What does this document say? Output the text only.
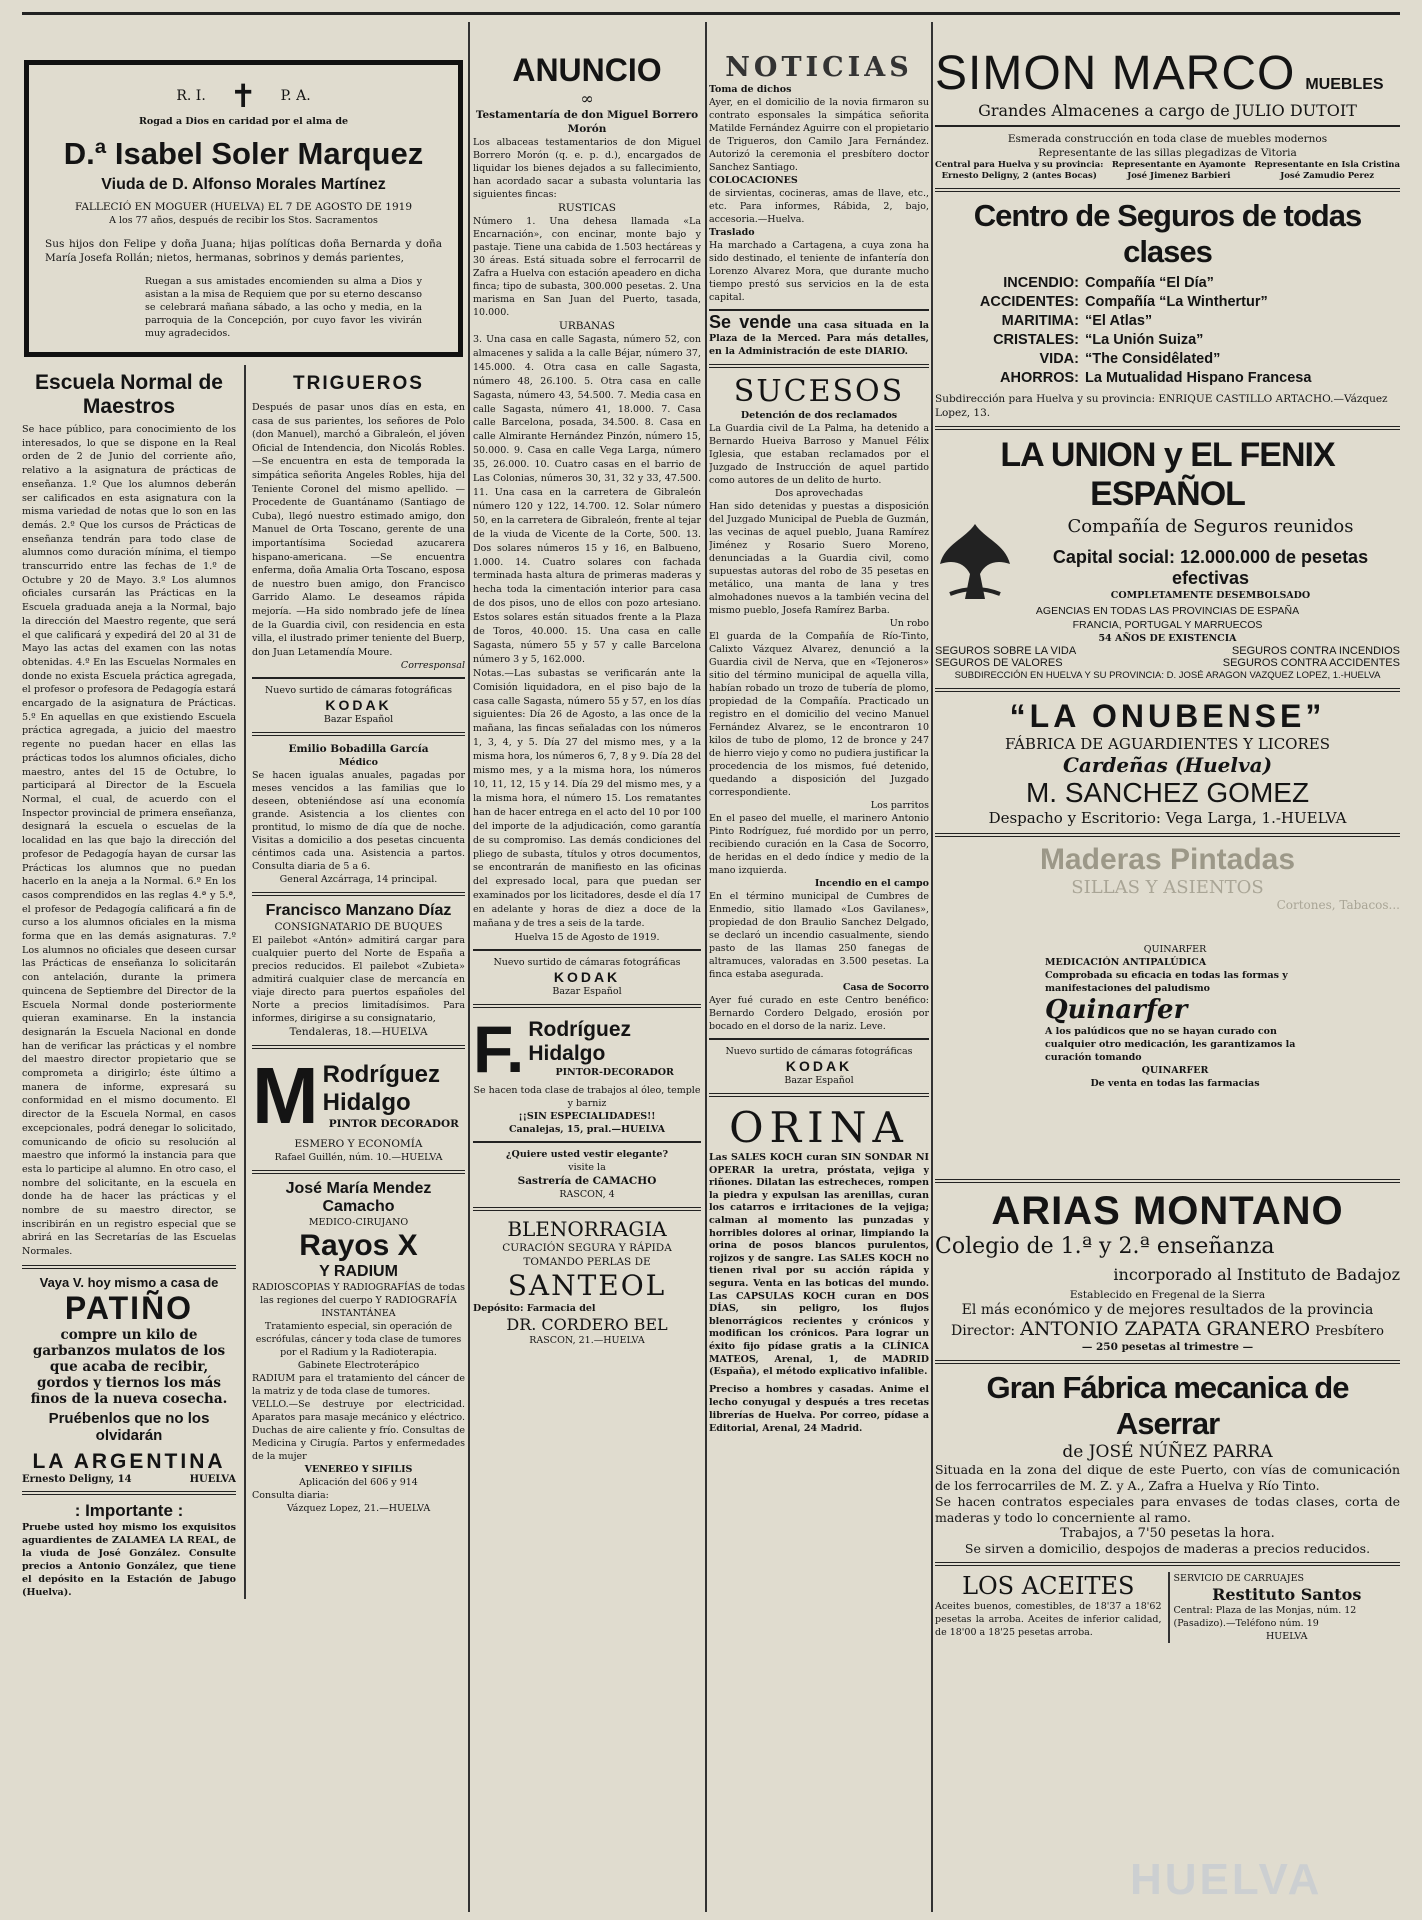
R. I. ✝ P. A.
Rogad a Dios en caridad por el alma de
D.ª Isabel Soler Marquez
Viuda de D. Alfonso Morales Martínez
FALLECIÓ EN MOGUER (HUELVA) EL 7 DE AGOSTO DE 1919
A los 77 años, después de recibir los Stos. Sacramentos
Sus hijos don Felipe y doña Juana; hijas políticas doña Bernarda y doña María Josefa Rollán; nietos, hermanas, sobrinos y demás parientes,
Ruegan a sus amistades encomienden su alma a Dios y asistan a la misa de Requiem que por su eterno descanso se celebrará mañana sábado, a las ocho y media, en la parroquia de la Concepción, por cuyo favor les vivirán muy agradecidos.
Escuela Normal de Maestros
Se hace público, para conocimiento de los interesados, lo que se dispone en la Real orden de 2 de Junio del corriente año, relativo a la asignatura de prácticas de enseñanza. 1.º Que los alumnos deberán ser calificados en esta asignatura con la misma variedad de notas que lo son en las demás. 2.º Que los cursos de Prácticas de enseñanza tendrán para todo clase de alumnos como duración mínima, el tiempo transcurrido entre las fechas de 1.º de Octubre y 20 de Mayo. 3.º Los alumnos oficiales cursarán las Prácticas en la Escuela graduada aneja a la Normal, bajo la dirección del Maestro regente, que será el que calificará y expedirá del 20 al 31 de Mayo las actas del examen con las notas obtenidas. 4.º En las Escuelas Normales en donde no exista Escuela práctica agregada, el profesor o profesora de Pedagogía estará encargado de la asignatura de Prácticas. 5.º En aquellas en que existiendo Escuela práctica agregada, a juicio del maestro regente no puedan hacer en ellas las prácticas todos los alumnos oficiales, dicho maestro, antes del 15 de Octubre, lo participará al Director de la Escuela Normal, el cual, de acuerdo con el Inspector provincial de primera enseñanza, designará la escuela o escuelas de la localidad en las que bajo la dirección del profesor de Pedagogía hayan de cursar las Prácticas los alumnos que no puedan hacerlo en la aneja a la Normal. 6.º En los casos comprendidos en las reglas 4.ª y 5.ª, el profesor de Pedagogía calificará a fin de curso a los alumnos oficiales en la misma forma que en las demás asignaturas. 7.º Los alumnos no oficiales que deseen cursar las Prácticas de enseñanza lo solicitarán con antelación, durante la primera quincena de Septiembre del Director de la Escuela Normal donde posteriormente quieran examinarse. En la instancia designarán la Escuela Nacional en donde han de verificar las prácticas y el nombre del maestro director propietario que se comprometa a dirigirlo; éste último a manera de informe, expresará su conformidad en el mismo documento. El director de la Escuela Normal, en casos excepcionales, podrá denegar lo solicitado, comunicando de oficio su resolución al maestro que informó la instancia para que esta lo participe al alumno. En otro caso, el nombre del solicitante, en la escuela en donde ha de hacer las prácticas y el nombre de su maestro director, se inscribirán en un registro especial que se abrirá en las Secretarías de las Escuelas Normales.
Vaya V. hoy mismo a casa de
PATIÑO
compre un kilo de garbanzos mulatos de los que acaba de recibir, gordos y tiernos los más finos de la nueva cosecha.
Pruébenlos que no los olvidarán
LA ARGENTINA
Ernesto Deligny, 14	HUELVA
: Importante :
Pruebe usted hoy mismo los exquisitos aguardientes de ZALAMEA LA REAL, de la viuda de José González. Consulte precios a Antonio González, que tiene el depósito en la Estación de Jabugo (Huelva).
TRIGUEROS
Después de pasar unos días en esta, en casa de sus parientes, los señores de Polo (don Manuel), marchó a Gibraleón, el jóven Oficial de Intendencia, don Nicolás Robles. —Se encuentra en esta de temporada la simpática señorita Angeles Robles, hija del Teniente Coronel del mismo apellido. —Procedente de Guantánamo (Santiago de Cuba), llegó nuestro estimado amigo, don Manuel de Orta Toscano, gerente de una importantísima Sociedad azucarera hispano-americana. —Se encuentra enferma, doña Amalia Orta Toscano, esposa de nuestro buen amigo, don Francisco Garrido Alamo. Le deseamos rápida mejoría. —Ha sido nombrado jefe de línea de la Guardia civil, con residencia en esta villa, el ilustrado primer teniente del Buerp, don Juan Letamendía Moure.
Corresponsal
Nuevo surtido de cámaras fotográficas
KODAK
Bazar Español
Emilio Bobadilla García
Médico
Se hacen igualas anuales, pagadas por meses vencidos a las familias que lo deseen, obteniéndose así una economía grande. Asistencia a los clientes con prontitud, lo mismo de día que de noche. Visitas a domicilio a dos pesetas cincuenta céntimos cada una. Asistencia a partos. Consulta diaria de 5 a 6.
General Azcárraga, 14 principal.
Francisco Manzano Díaz
CONSIGNATARIO DE BUQUES
El pailebot «Antón» admitirá cargar para cualquier puerto del Norte de España a precios reducidos. El pailebot «Zubieta» admitirá cualquier clase de mercancía en viaje directo para puertos españoles del Norte a precios limitadísimos. Para informes, dirigirse a su consignatario,
Tendaleras, 18.—HUELVA
M Rodríguez Hidalgo
PINTOR DECORADOR
ESMERO Y ECONOMÍA
Rafael Guillén, núm. 10.—HUELVA
José María Mendez Camacho
MEDICO-CIRUJANO
Rayos X
Y RADIUM
RADIOSCOPIAS Y RADIOGRAFÍAS de todas las regiones del cuerpo Y RADIOGRAFÍA INSTANTÁNEA
Tratamiento especial, sin operación de escrófulas, cáncer y toda clase de tumores por el Radium y la Radioterapia.
Gabinete Electroterápico
RADIUM para el tratamiento del cáncer de la matriz y de toda clase de tumores.
VELLO.—Se destruye por electricidad. Aparatos para masaje mecánico y eléctrico. Duchas de aire caliente y frío. Consultas de Medicina y Cirugía. Partos y enfermedades de la mujer
VENEREO Y SIFILIS
Aplicación del 606 y 914
Consulta diaria:
Vázquez Lopez, 21.—HUELVA
ANUNCIO
∞
Testamentaría de don Miguel Borrero Morón
Los albaceas testamentarios de don Miguel Borrero Morón (q. e. p. d.), encargados de liquidar los bienes dejados a su fallecimiento, han acordado sacar a subasta voluntaria las siguientes fincas:
RUSTICAS
Número 1. Una dehesa llamada «La Encarnación», con encinar, monte bajo y pastaje. Tiene una cabida de 1.503 hectáreas y 30 áreas. Está situada sobre el ferrocarril de Zafra a Huelva con estación apeadero en dicha finca; tipo de subasta, 300.000 pesetas. 2. Una marisma en San Juan del Puerto, tasada, 10.000.
URBANAS
3. Una casa en calle Sagasta, número 52, con almacenes y salida a la calle Béjar, número 37, 145.000. 4. Otra casa en calle Sagasta, número 48, 26.100. 5. Otra casa en calle Sagasta, número 43, 54.500. 7. Media casa en calle Sagasta, número 41, 18.000. 7. Casa calle Barcelona, posada, 34.500. 8. Casa en calle Almirante Hernández Pinzón, número 15, 50.000. 9. Casa en calle Vega Larga, número 35, 26.000. 10. Cuatro casas en el barrio de Las Colonias, números 30, 31, 32 y 33, 47.500. 11. Una casa en la carretera de Gibraleón número 120 y 122, 14.700. 12. Solar número 50, en la carretera de Gibraleón, frente al tejar de la viuda de Vicente de la Corte, 500. 13. Dos solares números 15 y 16, en Balbueno, 1.000. 14. Cuatro solares con fachada terminada hasta altura de primeras maderas y hecha toda la cimentación interior para casa de dos pisos, uno de ellos con pozo artesiano. Estos solares están situados frente a la Plaza de Toros, 40.000. 15. Una casa en calle Sagasta, número 55 y 57 y calle Barcelona número 3 y 5, 162.000.
Notas.—Las subastas se verificarán ante la Comisión liquidadora, en el piso bajo de la casa calle Sagasta, número 55 y 57, en los días siguientes: Día 26 de Agosto, a las once de la mañana, las fincas señaladas con los números 1, 3, 4, y 5. Día 27 del mismo mes, y a la misma hora, los números 6, 7, 8 y 9. Día 28 del mismo mes, y a la misma hora, los números 10, 11, 12, 15 y 14. Día 29 del mismo mes, y a la misma hora, el número 15. Los rematantes han de hacer entrega en el acto del 10 por 100 del importe de la adjudicación, como garantía de su compromiso. Las demás condiciones del pliego de subasta, títulos y otros documentos, se encontrarán de manifiesto en las oficinas del expresado local, para que puedan ser examinados por los licitadores, desde el día 17 en adelante y horas de diez a doce de la mañana y de tres a seis de la tarde.
Huelva 15 de Agosto de 1919.
Nuevo surtido de cámaras fotográficas
KODAK
Bazar Español
F. Rodríguez Hidalgo
PINTOR-DECORADOR
Se hacen toda clase de trabajos al óleo, temple y barniz
¡¡SIN ESPECIALIDADES!!
Canalejas, 15, pral.—HUELVA
¿Quiere usted vestir elegante?
visite la
Sastrería de CAMACHO
RASCON, 4
BLENORRAGIA
CURACIÓN SEGURA Y RÁPIDA
TOMANDO PERLAS DE
SANTEOL
Depósito: Farmacia del
DR. CORDERO BEL
RASCON, 21.—HUELVA
NOTICIAS
Toma de dichos
Ayer, en el domicilio de la novia firmaron su contrato esponsales la simpática señorita Matilde Fernández Aguirre con el propietario de Trigueros, don Camilo Jara Fernández. Autorizó la ceremonia el presbítero doctor Sanchez Santiago.
COLOCACIONES
de sirvientas, cocineras, amas de llave, etc., etc. Para informes, Rábida, 2, bajo, accesoria.—Huelva.
Traslado
Ha marchado a Cartagena, a cuya zona ha sido destinado, el teniente de infantería don Lorenzo Alvarez Mora, que durante mucho tiempo prestó sus servicios en la de esta capital.
Se vende una casa situada en la Plaza de la Merced. Para más detalles, en la Administración de este DIARIO.
SUCESOS
Detención de dos reclamados
La Guardia civil de La Palma, ha detenido a Bernardo Hueiva Barroso y Manuel Félix Iglesia, que estaban reclamados por el Juzgado de Instrucción de aquel partido como autores de un delito de hurto.
Dos aprovechadas
Han sido detenidas y puestas a disposición del Juzgado Municipal de Puebla de Guzmán, las vecinas de aquel pueblo, Juana Ramírez Jiménez y Rosario Suero Moreno, denunciadas a la Guardia civil, como supuestas autoras del robo de 35 pesetas en metálico, una manta de lana y tres almohadones nuevos a la también vecina del mismo pueblo, Josefa Ramírez Barba.
Un robo
El guarda de la Compañía de Río-Tinto, Calixto Vázquez Alvarez, denunció a la Guardia civil de Nerva, que en «Tejoneros» sitio del término municipal de aquella villa, habían robado un trozo de tubería de plomo, propiedad de la Compañía. Practicado un registro en el domicilio del vecino Manuel Fernández Alvarez, se le encontraron 10 kilos de tubo de plomo, 12 de bronce y 247 de hierro viejo y como no pudiera justificar la procedencia de los mismos, fué detenido, quedando a disposición del Juzgado correspondiente.
Los parritos
En el paseo del muelle, el marinero Antonio Pinto Rodríguez, fué mordido por un perro, recibiendo curación en la Casa de Socorro, de heridas en el dedo índice y medio de la mano izquierda.
Incendio en el campo
En el término municipal de Cumbres de Enmedio, sitio llamado «Los Gavilanes», propiedad de don Braulio Sanchez Delgado, se declaró un incendio casualmente, siendo pasto de las llamas 250 fanegas de altramuces, valoradas en 3.500 pesetas. La finca estaba asegurada.
Casa de Socorro
Ayer fué curado en este Centro benéfico: Bernardo Cordero Delgado, erosión por bocado en el dorso de la nariz. Leve.
Nuevo surtido de cámaras fotográficas
KODAK
Bazar Español
ORINA
Las SALES KOCH curan SIN SONDAR NI OPERAR la uretra, próstata, vejiga y riñones. Dilatan las estrecheces, rompen la piedra y expulsan las arenillas, curan los catarros e irritaciones de la vejiga; calman al momento las punzadas y horribles dolores al orinar, limpiando la orina de posos blancos purulentos, rojizos y de sangre. Las SALES KOCH no tienen rival por su acción rápida y segura. Venta en las boticas del mundo. Las CAPSULAS KOCH curan en DOS DÍAS, sin peligro, los flujos blenorrágicos recientes y crónicos y modifican los crónicos. Para lograr un éxito fijo pídase gratis a la CLÍNICA MATEOS, Arenal, 1, de MADRID (España), el método explicativo infalible.
Preciso a hombres y casadas. Anime el lecho conyugal y después a tres recetas librerías de Huelva. Por correo, pídase a Editorial, Arenal, 24 Madrid.
SIMON MARCO MUEBLES
Grandes Almacenes a cargo de JULIO DUTOIT
Esmerada construcción en toda clase de muebles modernos
Representante de las sillas plegadizas de Vitoria
Central para Huelva y su provincia:
Ernesto Deligny, 2 (antes Bocas)
Representante en Ayamonte
José Jimenez Barbieri
Representante en Isla Cristina
José Zamudio Perez
Centro de Seguros de todas clases
INCENDIO: Compañía “El Día”
ACCIDENTES: Compañía “La Winthertur”
MARITIMA: “El Atlas”
CRISTALES: “La Unión Suiza”
VIDA: “The Considêlated”
AHORROS: La Mutualidad Hispano Francesa
Subdirección para Huelva y su provincia: ENRIQUE CASTILLO ARTACHO.—Vázquez Lopez, 13.
LA UNION y EL FENIX ESPAÑOL
Compañía de Seguros reunidos
Capital social: 12.000.000 de pesetas efectivas
COMPLETAMENTE DESEMBOLSADO
AGENCIAS EN TODAS LAS PROVINCIAS DE ESPAÑA
FRANCIA, PORTUGAL Y MARRUECOS
54 AÑOS DE EXISTENCIA
SEGUROS SOBRE LA VIDA	SEGUROS CONTRA INCENDIOS
SEGUROS DE VALORES	SEGUROS CONTRA ACCIDENTES
SUBDIRECCIÓN EN HUELVA Y SU PROVINCIA: D. JOSÉ ARAGON VAZQUEZ LOPEZ, 1.-HUELVA
“LA ONUBENSE”
FÁBRICA DE AGUARDIENTES Y LICORES
Cardeñas (Huelva)
M. SANCHEZ GOMEZ
Despacho y Escritorio: Vega Larga, 1.-HUELVA
Maderas Pintadas
SILLAS Y ASIENTOS
Cortones, Tabacos...
QUINARFER
MEDICACIÓN ANTIPALÚDICA
Comprobada su eficacia en todas las formas y manifestaciones del paludismo
Quinarfer
A los palúdicos que no se hayan curado con cualquier otro medicación, les garantizamos la curación tomando
QUINARFER
De venta en todas las farmacias
ARIAS MONTANO
Colegio de 1.ª y 2.ª enseñanza
incorporado al Instituto de Badajoz
Establecido en Fregenal de la Sierra
El más económico y de mejores resultados de la provincia
Director: ANTONIO ZAPATA GRANERO Presbítero
— 250 pesetas al trimestre —
Gran Fábrica mecanica de Aserrar
de JOSÉ NÚÑEZ PARRA
Situada en la zona del dique de este Puerto, con vías de comunicación de los ferrocarriles de M. Z. y A., Zafra a Huelva y Río Tinto.
Se hacen contratos especiales para envases de todas clases, corta de maderas y todo lo concerniente al ramo.
Trabajos, a 7'50 pesetas la hora.
Se sirven a domicilio, despojos de maderas a precios reducidos.
LOS ACEITES
Aceites buenos, comestibles, de 18'37 a 18'62 pesetas la arroba. Aceites de inferior calidad, de 18'00 a 18'25 pesetas arroba.
SERVICIO DE CARRUAJES
Restituto Santos
Central: Plaza de las Monjas, núm. 12 (Pasadizo).—Teléfono núm. 19
HUELVA
HUELVA
